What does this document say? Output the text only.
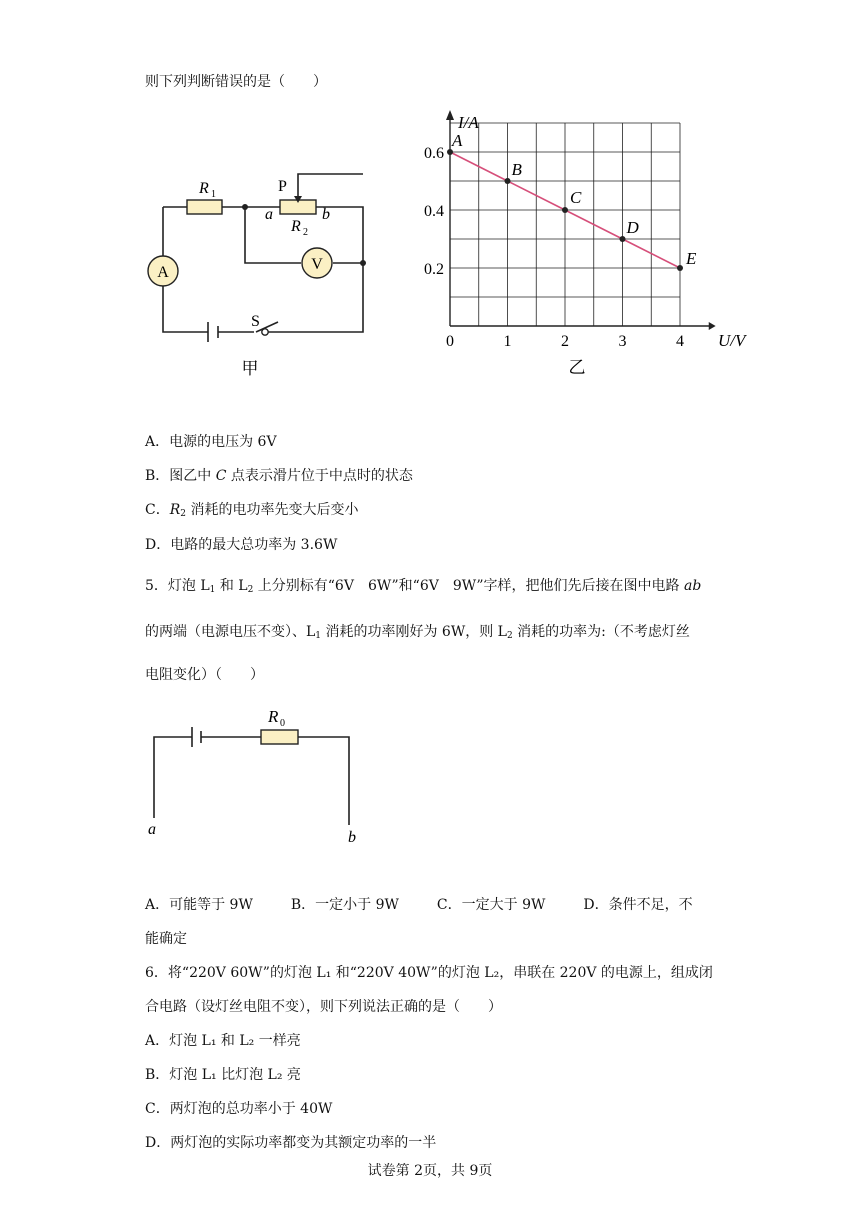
则下列判断错误的是（　　）
A	V
R 1	P
a	b
R 2
S
甲
0	1	2	3	4
0.2
0.4
0.6
A
B
C
D
E
U/V
I/A
乙
A．电源的电压为 6V
B．图乙中 C 点表示滑片位于中点时的状态
C．$R_2$ 消耗的电功率先变大后变小
D．电路的最大总功率为 3.6W
5．灯泡 $L_1$ 和 $L_2$ 上分别标有“6V　6W”和“6V　9W”字样，把他们先后接在图中电路 ab
的两端（电源电压不变）、$L_1$ 消耗的功率刚好为 6W，则 $L_2$ 消耗的功率为:（不考虑灯丝
电阻变化）（　　）
R 0
a	b
A．可能等于 9W	B．一定小于 9W	C．一定大于 9W	D．条件不足，不
能确定
6．将“220V 60W”的灯泡 L₁ 和“220V 40W”的灯泡 L₂，串联在 220V 的电源上，组成闭
合电路（设灯丝电阻不变），则下列说法正确的是（　　）
A．灯泡 L₁ 和 L₂ 一样亮
B．灯泡 L₁ 比灯泡 L₂ 亮
C．两灯泡的总功率小于 40W
D．两灯泡的实际功率都变为其额定功率的一半
试卷第 2页，共 9页
